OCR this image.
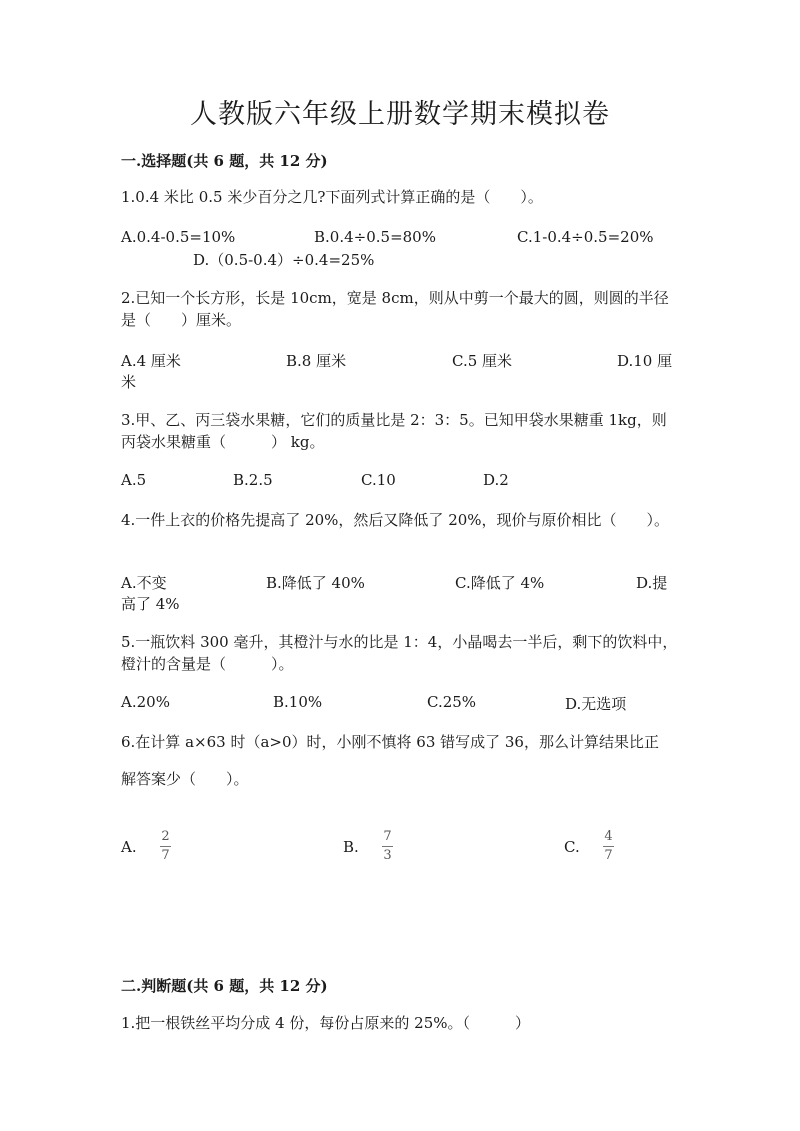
人教版六年级上册数学期末模拟卷
一.选择题(共 6 题，共 12 分)
1.0.4 米比 0.5 米少百分之几?下面列式计算正确的是（　　）。
A.0.4-0.5=10%	B.0.4÷0.5=80%	C.1-0.4÷0.5=20%
D.（0.5-0.4）÷0.4=25%
2.已知一个长方形，长是 10cm，宽是 8cm，则从中剪一个最大的圆，则圆的半径是（　　）厘米。
A.4 厘米	B.8 厘米	C.5 厘米	D.10 厘
米
3.甲、乙、丙三袋水果糖，它们的质量比是 2：3：5。已知甲袋水果糖重 1kg，则丙袋水果糖重（　　　） kg。
A.5	B.2.5	C.10	D.2
4.一件上衣的价格先提高了 20%，然后又降低了 20%，现价与原价相比（　　）。
A.不变	B.降低了 40%	C.降低了 4%	D.提
高了 4%
5.一瓶饮料 300 毫升，其橙汁与水的比是 1：4，小晶喝去一半后，剩下的饮料中，橙汁的含量是（　　　）。
A.20%	B.10%	C.25%	D.无选项
6.在计算 a×63 时（a>0）时，小刚不慎将 63 错写成了 36，那么计算结果比正
解答案少（　　）。
A.
2
7	B.
7
3	C.
4
7
二.判断题(共 6 题，共 12 分)
1.把一根铁丝平均分成 4 份，每份占原来的 25%。（　　　）
